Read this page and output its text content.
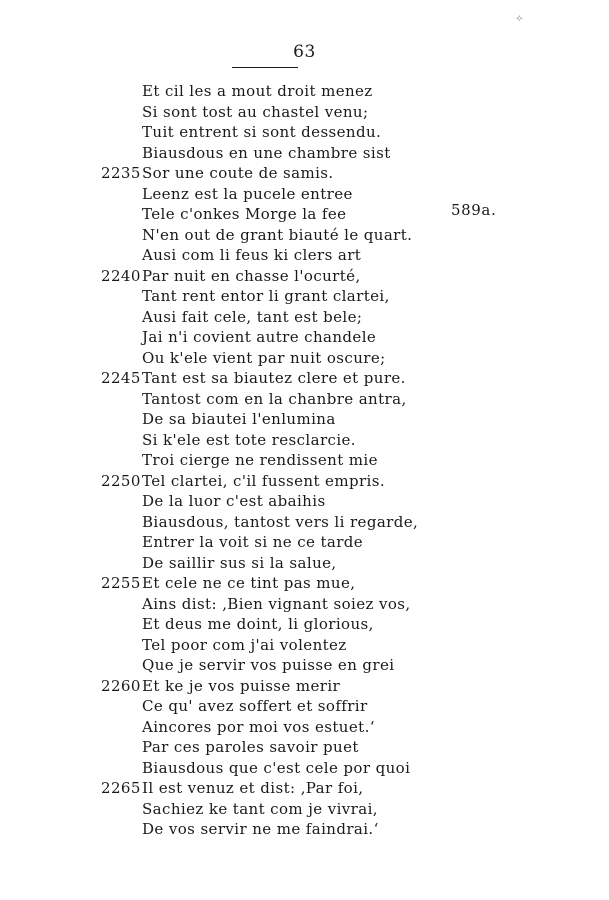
⟡
63
589a.
Et cil les a mout droit menez
Si sont tost au chastel venu;
Tuit entrent si sont dessendu.
Biausdous en une chambre sist
2235 Sor une coute de samis.
Leenz est la pucele entree
Tele c'onkes Morge la fee
N'en out de grant biauté le quart.
Ausi com li feus ki clers art
2240 Par nuit en chasse l'ocurté,
Tant rent entor li grant clartei,
Ausi fait cele, tant est bele;
Jai n'i covient autre chandele
Ou k'ele vient par nuit oscure;
2245 Tant est sa biautez clere et pure.
Tantost com en la chanbre antra,
De sa biautei l'enlumina
Si k'ele est tote resclarcie.
Troi cierge ne rendissent mie
2250 Tel clartei, c'il fussent empris.
De la luor c'est abaihis
Biausdous, tantost vers li regarde,
Entrer la voit si ne ce tarde
De saillir sus si la salue,
2255 Et cele ne ce tint pas mue,
Ains dist: ‚Bien vignant soiez vos,
Et deus me doint, li glorious,
Tel poor com j'ai volentez
Que je servir vos puisse en grei
2260 Et ke je vos puisse merir
Ce qu' avez soffert et soffrir
Aincores por moi vos estuet.‘
Par ces paroles savoir puet
Biausdous que c'est cele por quoi
2265 Il est venuz et dist: ‚Par foi,
Sachiez ke tant com je vivrai,
De vos servir ne me faindrai.‘
